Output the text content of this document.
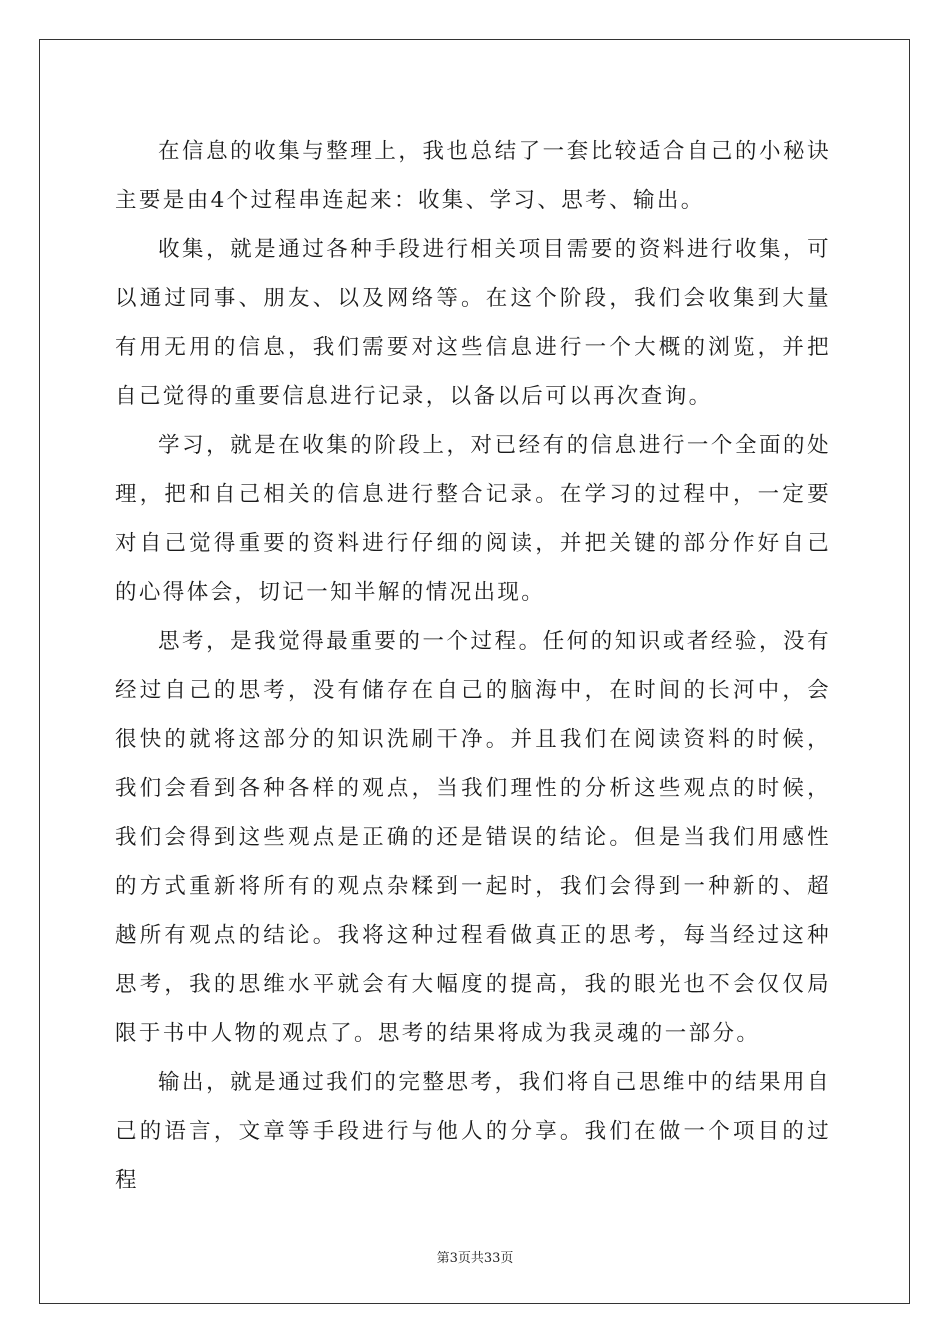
在信息的收集与整理上，我也总结了一套比较适合自己的小秘诀主要是由4个过程串连起来：收集、学习、思考、输出。

收集，就是通过各种手段进行相关项目需要的资料进行收集，可以通过同事、朋友、以及网络等。在这个阶段，我们会收集到大量有用无用的信息，我们需要对这些信息进行一个大概的浏览，并把自己觉得的重要信息进行记录，以备以后可以再次查询。

学习，就是在收集的阶段上，对已经有的信息进行一个全面的处理，把和自己相关的信息进行整合记录。在学习的过程中，一定要对自己觉得重要的资料进行仔细的阅读，并把关键的部分作好自己的心得体会，切记一知半解的情况出现。

思考，是我觉得最重要的一个过程。任何的知识或者经验，没有经过自己的思考，没有储存在自己的脑海中，在时间的长河中，会很快的就将这部分的知识洗刷干净。并且我们在阅读资料的时候，我们会看到各种各样的观点，当我们理性的分析这些观点的时候，我们会得到这些观点是正确的还是错误的结论。但是当我们用感性的方式重新将所有的观点杂糅到一起时，我们会得到一种新的、超越所有观点的结论。我将这种过程看做真正的思考，每当经过这种思考，我的思维水平就会有大幅度的提高，我的眼光也不会仅仅局限于书中人物的观点了。思考的结果将成为我灵魂的一部分。

输出，就是通过我们的完整思考，我们将自己思维中的结果用自己的语言，文章等手段进行与他人的分享。我们在做一个项目的过程

第3页共33页
